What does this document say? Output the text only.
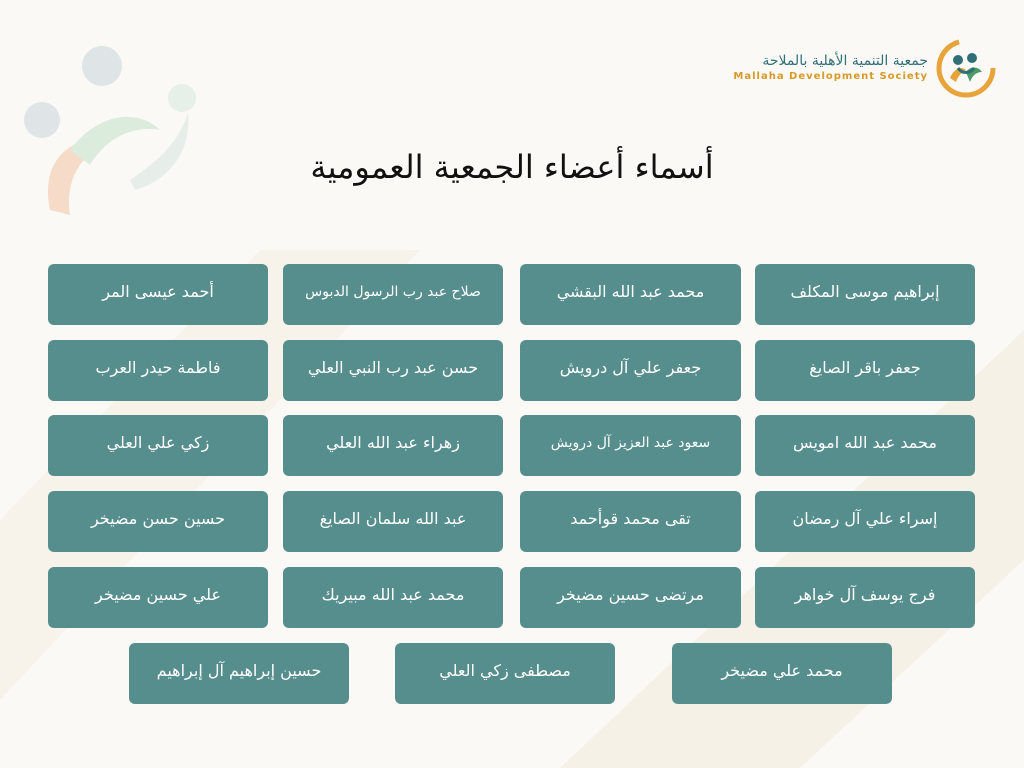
جمعية التنمية الأهلية بالملاحة
Mallaha Development Society
أسماء أعضاء الجمعية العمومية
إبراهيم موسى المكلف
محمد عبد الله البقشي
صلاح عبد رب الرسول الدبوس
أحمد عيسى المر
جعفر باقر الصايغ
جعفر علي آل درويش
حسن عبد رب النبي العلي
فاطمة حيدر العرب
محمد عبد الله امويس
سعود عبد العزيز آل درويش
زهراء عبد الله العلي
زكي علي العلي
إسراء علي آل رمضان
تقى محمد قوأحمد
عبد الله سلمان الصايغ
حسين حسن مضيخر
فرج يوسف آل خواهر
مرتضى حسين مضيخر
محمد عبد الله مبيريك
علي حسين مضيخر
محمد علي مضيخر
مصطفى زكي العلي
حسين إبراهيم آل إبراهيم
